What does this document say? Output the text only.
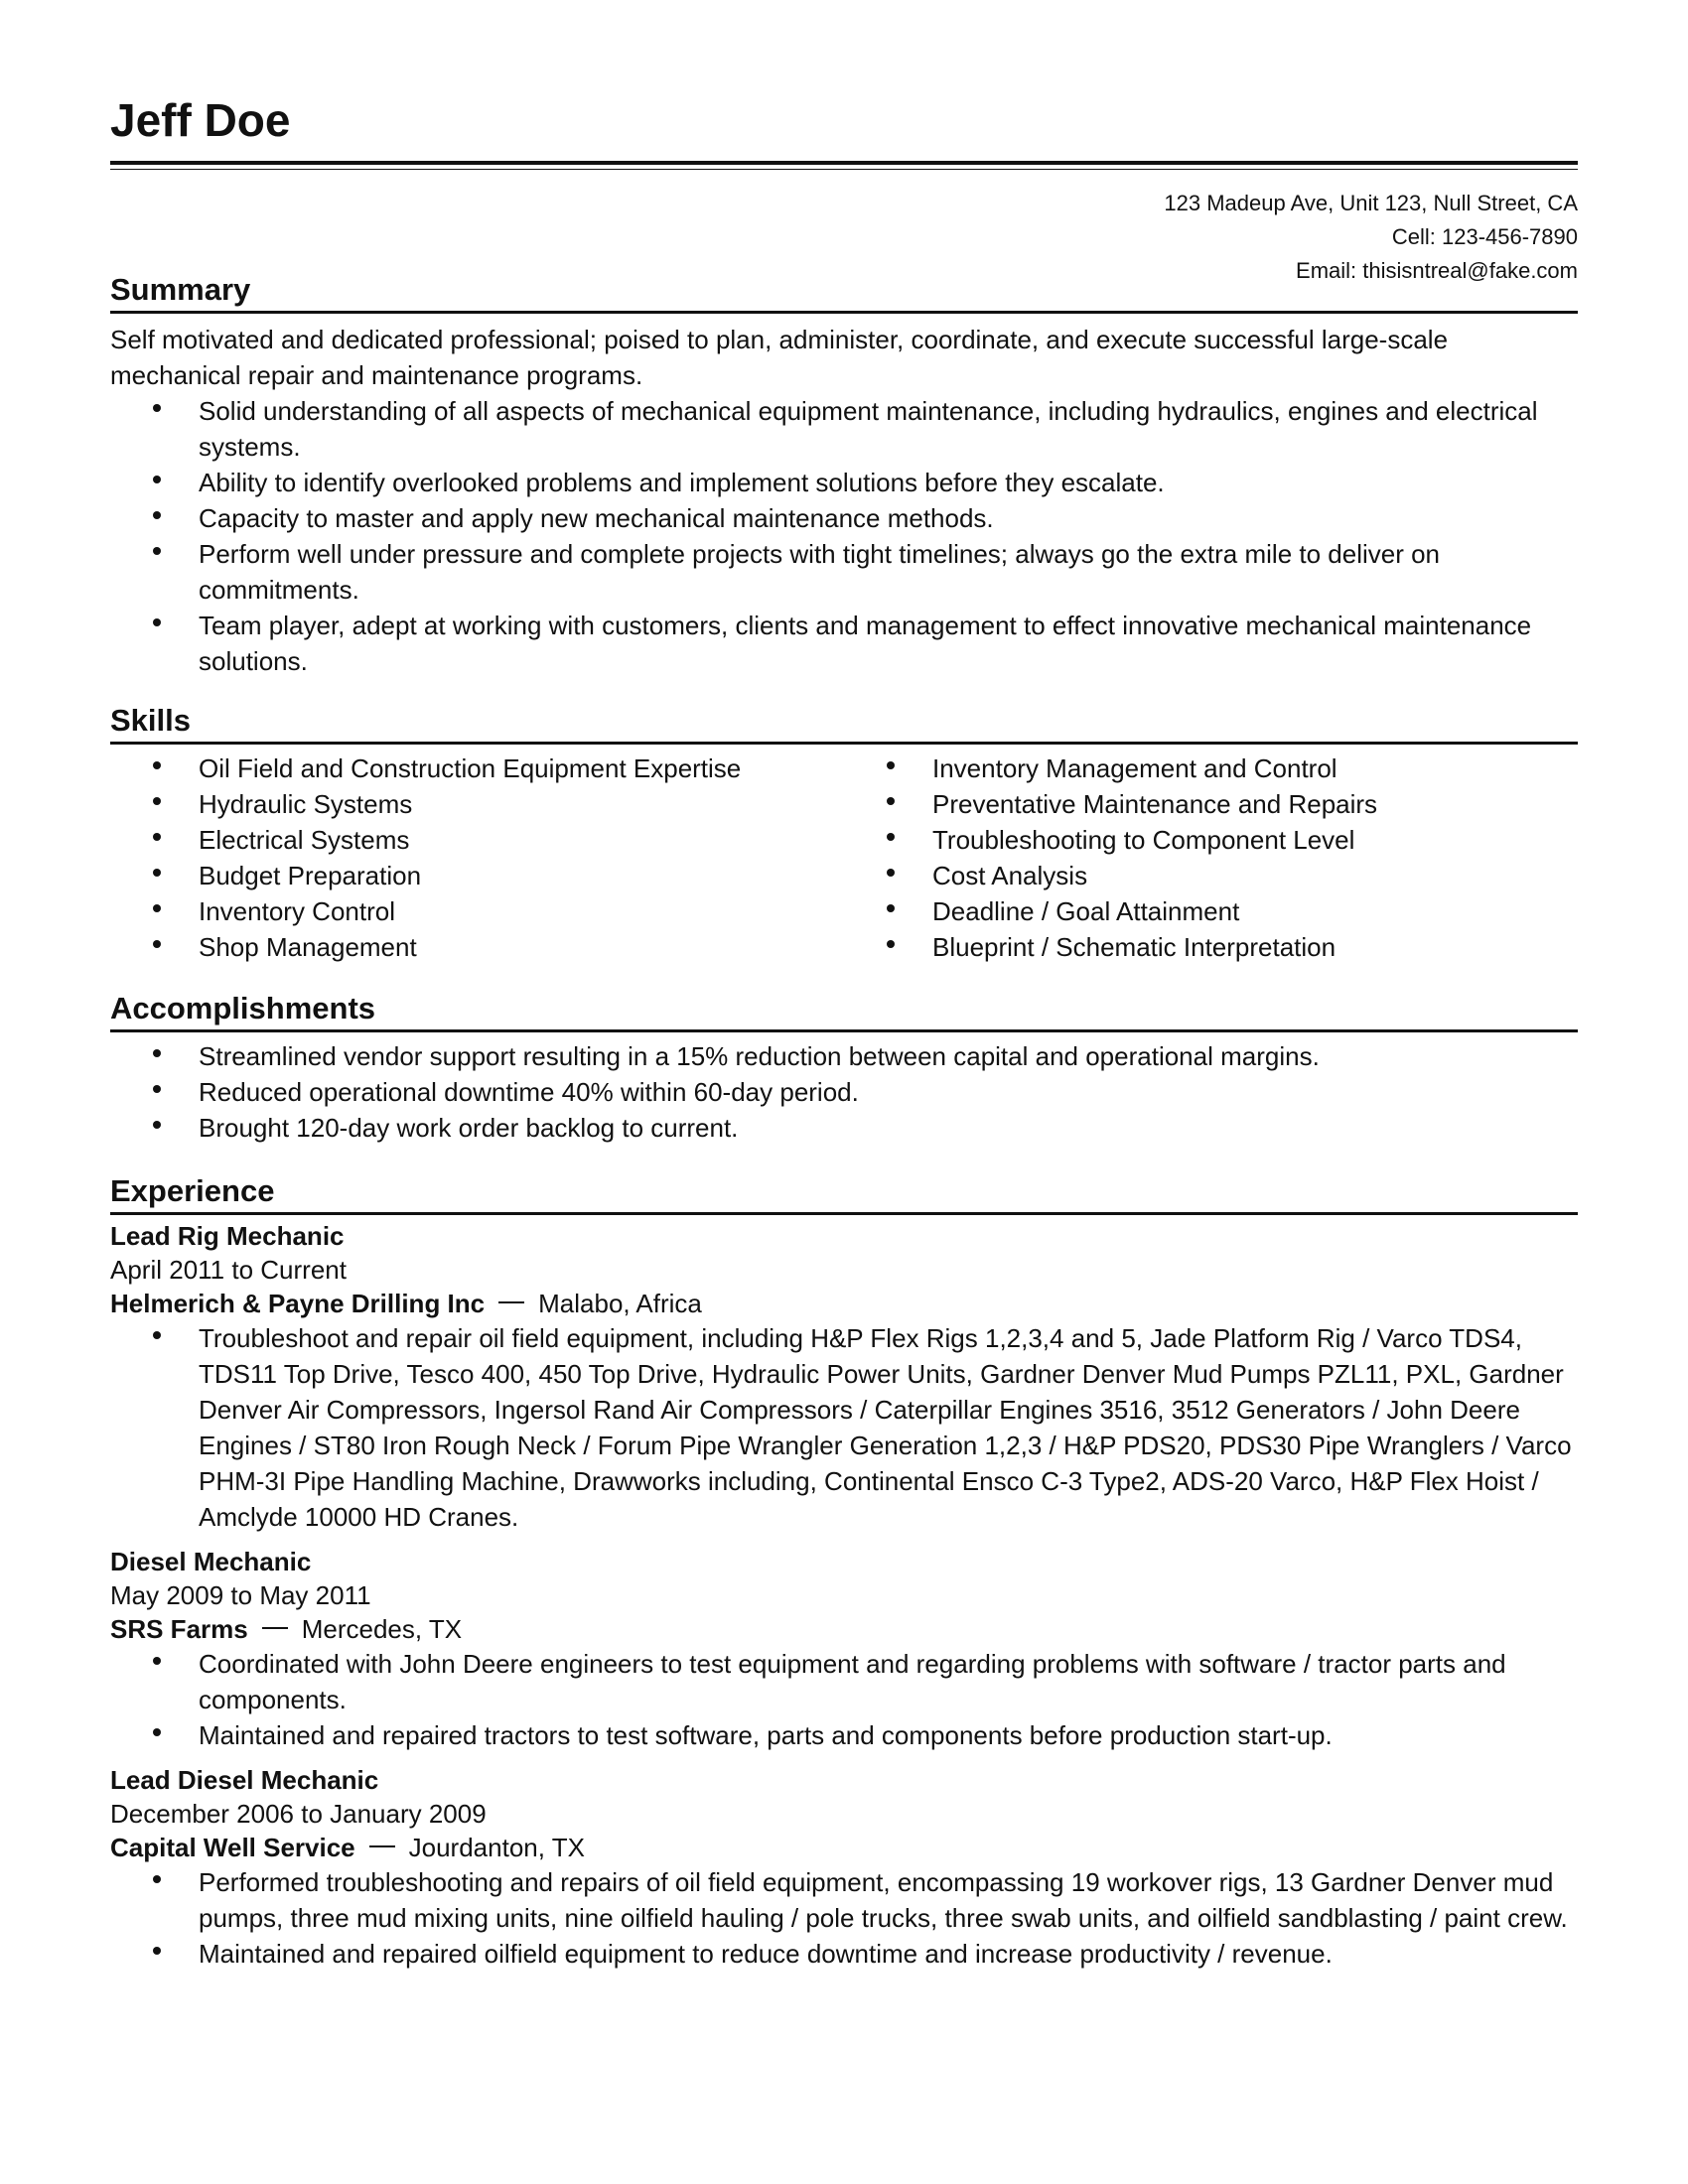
Jeff Doe
123 Madeup Ave, Unit 123, Null Street, CA
Cell: 123-456-7890
Email: thisisntreal@fake.com
Summary

Self motivated and dedicated professional; poised to plan, administer, coordinate, and execute successful large-scale mechanical repair and maintenance programs.

Solid understanding of all aspects of mechanical equipment maintenance, including hydraulics, engines and electrical systems.
Ability to identify overlooked problems and implement solutions before they escalate.
Capacity to master and apply new mechanical maintenance methods.
Perform well under pressure and complete projects with tight timelines; always go the extra mile to deliver on commitments.
Team player, adept at working with customers, clients and management to effect innovative mechanical maintenance solutions.
Skills
Oil Field and Construction Equipment Expertise
Hydraulic Systems
Electrical Systems
Budget Preparation
Inventory Control
Shop Management
Inventory Management and Control
Preventative Maintenance and Repairs
Troubleshooting to Component Level
Cost Analysis
Deadline / Goal Attainment
Blueprint / Schematic Interpretation
Accomplishments
Streamlined vendor support resulting in a 15% reduction between capital and operational margins.
Reduced operational downtime 40% within 60-day period.
Brought 120-day work order backlog to current.
Experience
Lead Rig Mechanic
April 2011 to Current
Helmerich & Payne Drilling Inc Malabo, Africa
Troubleshoot and repair oil field equipment, including H&P Flex Rigs 1,2,3,4 and 5, Jade Platform Rig / Varco TDS4, TDS11 Top Drive, Tesco 400, 450 Top Drive, Hydraulic Power Units, Gardner Denver Mud Pumps PZL11, PXL, Gardner Denver Air Compressors, Ingersol Rand Air Compressors / Caterpillar Engines 3516, 3512 Generators / John Deere Engines / ST80 Iron Rough Neck / Forum Pipe Wrangler Generation 1,2,3 / H&P PDS20, PDS30 Pipe Wranglers / Varco PHM-3I Pipe Handling Machine, Drawworks including, Continental Ensco C-3 Type2, ADS-20 Varco, H&P Flex Hoist / Amclyde 10000 HD Cranes.
Diesel Mechanic
May 2009 to May 2011
SRS Farms Mercedes, TX
Coordinated with John Deere engineers to test equipment and regarding problems with software / tractor parts and components.
Maintained and repaired tractors to test software, parts and components before production start-up.
Lead Diesel Mechanic
December 2006 to January 2009
Capital Well Service Jourdanton, TX
Performed troubleshooting and repairs of oil field equipment, encompassing 19 workover rigs, 13 Gardner Denver mud pumps, three mud mixing units, nine oilfield hauling / pole trucks, three swab units, and oilfield sandblasting / paint crew.
Maintained and repaired oilfield equipment to reduce downtime and increase productivity / revenue.
